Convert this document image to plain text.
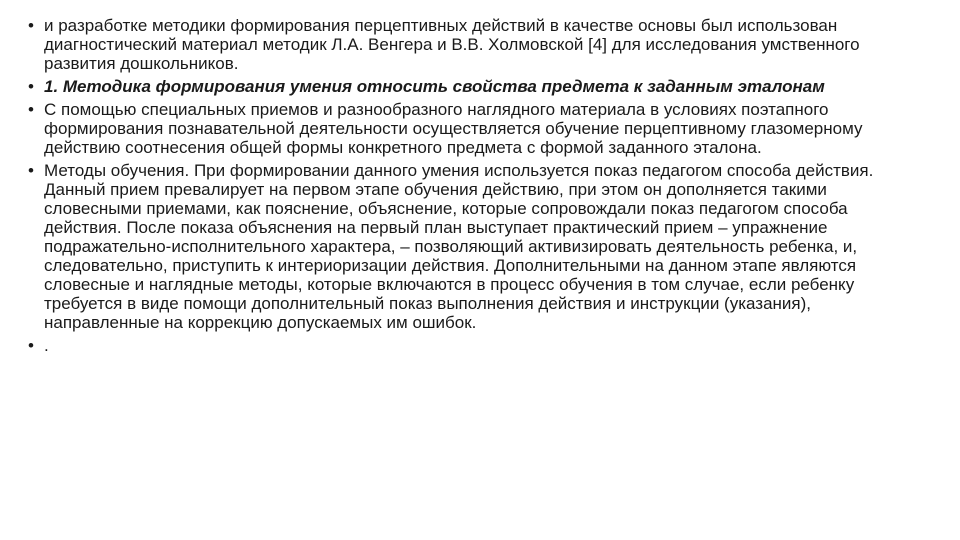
• и разработке методики формирования перцептивных действий в качестве основы был использован диагностический материал методик Л.А. Венгера и В.В. Холмовской [4] для исследования умственного развития дошкольников.
• 1. Методика формирования умения относить свойства предмета к заданным эталонам
• С помощью специальных приемов и разнообразного наглядного материала в условиях поэтапного формирования познавательной деятельности осуществляется обучение перцептивному глазомерному действию соотнесения общей формы конкретного предмета с формой заданного эталона.
• Методы обучения. При формировании данного умения используется показ педагогом способа действия. Данный прием превалирует на первом этапе обучения действию, при этом он дополняется такими словесными приемами, как пояснение, объяснение, которые сопровождали показ педагогом способа действия. После показа объяснения на первый план выступает практический прием – упражнение подражательно-исполнительного характера, – позволяющий активизировать деятельность ребенка, и, следовательно, приступить к интериоризации действия. Дополнительными на данном этапе являются словесные и наглядные методы, которые включаются в процесс обучения в том случае, если ребенку требуется в виде помощи дополнительный показ выполнения действия и инструкции (указания), направленные на коррекцию допускаемых им ошибок.
• .
